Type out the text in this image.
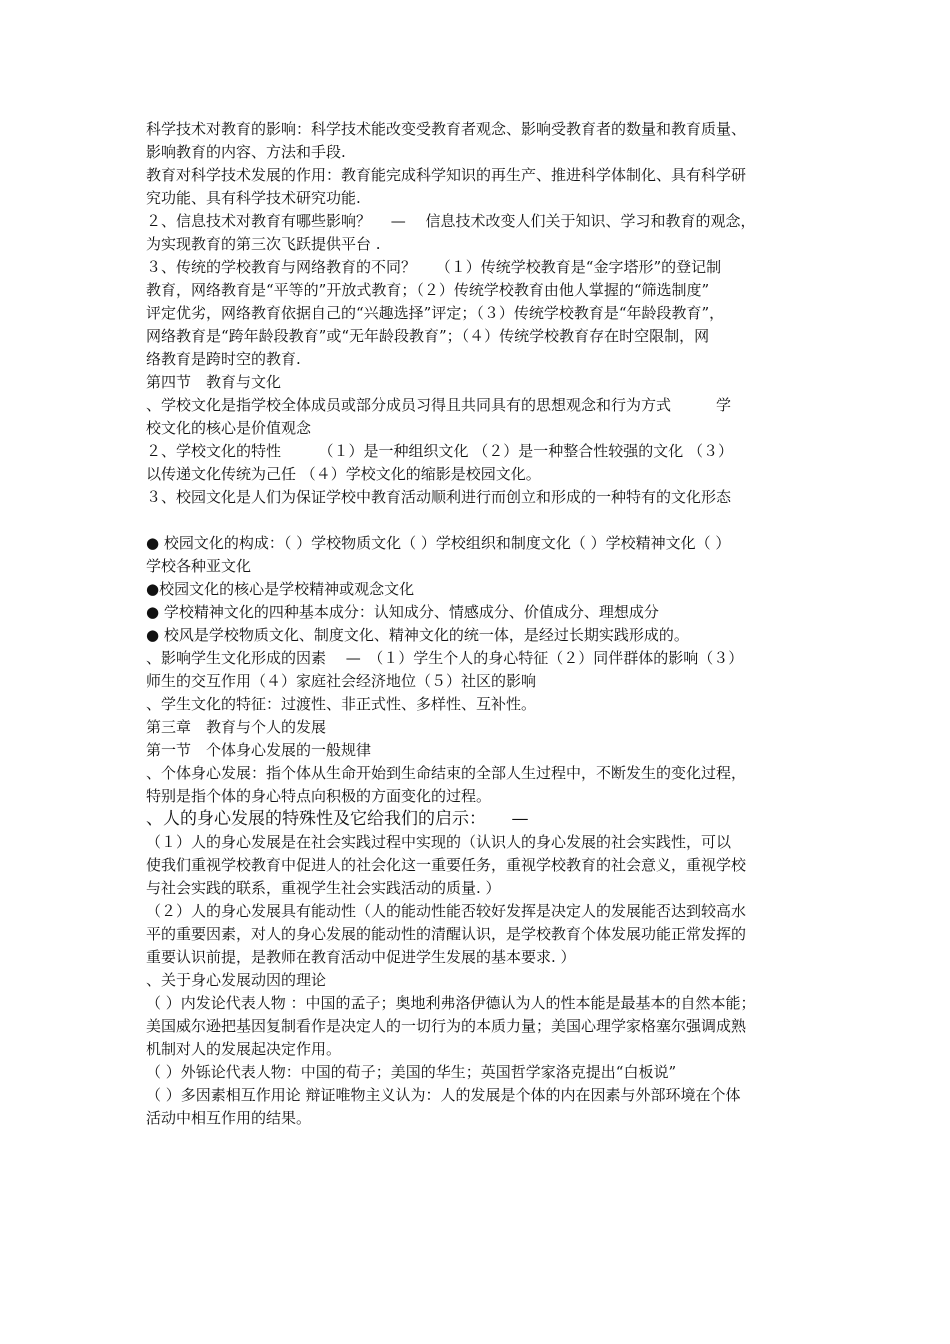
科学技术对教育的影响：科学技术能改变受教育者观念、影响受教育者的数量和教育质量、
影响教育的内容、方法和手段.
教育对科学技术发展的作用：教育能完成科学知识的再生产、推进科学体制化、具有科学研
究功能、具有科学技术研究功能.
２、信息技术对教育有哪些影响？　 —　 信息技术改变人们关于知识、学习和教育的观念，
为实现教育的第三次飞跃提供平台 .
３、传统的学校教育与网络教育的不同？　 （１）传统学校教育是“金字塔形”的登记制
教育，网络教育是“平等的”开放式教育；（２）传统学校教育由他人掌握的“筛选制度”
评定优劣，网络教育依据自己的“兴趣选择”评定；（３）传统学校教育是“年龄段教育”，
网络教育是“跨年龄段教育”或“无年龄段教育”；（４）传统学校教育存在时空限制，网
络教育是跨时空的教育.
第四节　教育与文化
、学校文化是指学校全体成员或部分成员习得且共同具有的思想观念和行为方式　　　学
校文化的核心是价值观念
２、学校文化的特性　　　（１）是一种组织文化 （２）是一种整合性较强的文化 （３）
以传递文化传统为己任 （４）学校文化的缩影是校园文化。
３、校园文化是人们为保证学校中教育活动顺利进行而创立和形成的一种特有的文化形态
● 校园文化的构成：（ ）学校物质文化（ ）学校组织和制度文化（ ）学校精神文化（ ）
学校各种亚文化
●校园文化的核心是学校精神或观念文化
● 学校精神文化的四种基本成分：认知成分、情感成分、价值成分、理想成分
● 校风是学校物质文化、制度文化、精神文化的统一体，是经过长期实践形成的。
、影响学生文化形成的因素　 —　（１）学生个人的身心特征（２）同伴群体的影响（３）
师生的交互作用（４）家庭社会经济地位（５）社区的影响
、学生文化的特征：过渡性、非正式性、多样性、互补性。
第三章　教育与个人的发展
第一节　个体身心发展的一般规律
、个体身心发展：指个体从生命开始到生命结束的全部人生过程中，不断发生的变化过程，
特别是指个体的身心特点向积极的方面变化的过程。
、人的身心发展的特殊性及它给我们的启示：　　—
（１）人的身心发展是在社会实践过程中实现的（认识人的身心发展的社会实践性，可以
使我们重视学校教育中促进人的社会化这一重要任务，重视学校教育的社会意义，重视学校
与社会实践的联系，重视学生社会实践活动的质量. ）
（２）人的身心发展具有能动性（人的能动性能否较好发挥是决定人的发展能否达到较高水
平的重要因素，对人的身心发展的能动性的清醒认识，是学校教育个体发展功能正常发挥的
重要认识前提，是教师在教育活动中促进学生发展的基本要求. ）
、关于身心发展动因的理论
（ ）内发论代表人物 ：中国的孟子；奥地利弗洛伊德认为人的性本能是最基本的自然本能；
美国威尔逊把基因复制看作是决定人的一切行为的本质力量；美国心理学家格塞尔强调成熟
机制对人的发展起决定作用。
（ ）外铄论代表人物：中国的荀子；美国的华生；英国哲学家洛克提出“白板说”
（ ）多因素相互作用论 辩证唯物主义认为：人的发展是个体的内在因素与外部环境在个体
活动中相互作用的结果。
